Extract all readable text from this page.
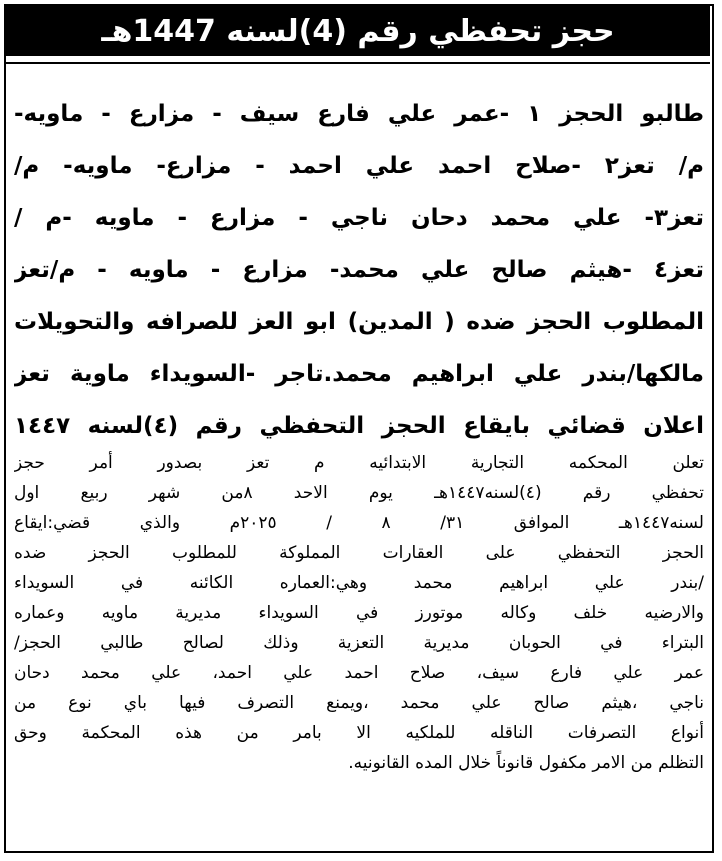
حجز تحفظي رقم (4)لسنه 1447هـ
طالبو الحجز ١ -عمر علي فارع سيف - مزارع - ماويه-
م/ تعز٢ -صلاح احمد علي احمد - مزارع- ماويه- م/
تعز٣- علي محمد دحان ناجي - مزارع - ماويه -م /
تعز٤ -هيثم صالح علي محمد- مزارع - ماويه - م/تعز
المطلوب الحجز ضده ( المدين) ابو العز للصرافه والتحويلات
مالكها/بندر علي ابراهيم محمد.تاجر -السويداء ماوية تعز
اعلان قضائي بايقاع الحجز التحفظي رقم (٤)لسنه ١٤٤٧
تعلن المحكمه التجارية الابتدائيه م تعز بصدور أمر حجز
تحفظي رقم (٤)لسنه١٤٤٧هـ يوم الاحد ٨من شهر ربيع اول
لسنه١٤٤٧هـ الموافق ٣١/ ٨ / ٢٠٢٥م والذي قضي:ايقاع
الحجز التحفظي على العقارات المملوكة للمطلوب الحجز ضده
/بندر علي ابراهيم محمد وهي:العماره الكائنه في السويداء
والارضيه خلف وكاله موتورز في السويداء مديرية ماويه وعماره
البتراء في الحوبان مديرية التعزية وذلك لصالح طالبي الحجز/
عمر علي فارع سيف، صلاح احمد علي احمد، علي محمد دحان
ناجي ،هيثم صالح علي محمد ،ويمنع التصرف فيها باي نوع من
أنواع التصرفات الناقله للملكيه الا بامر من هذه المحكمة وحق
التظلم من الامر مكفول قانوناً خلال المده القانونيه.
